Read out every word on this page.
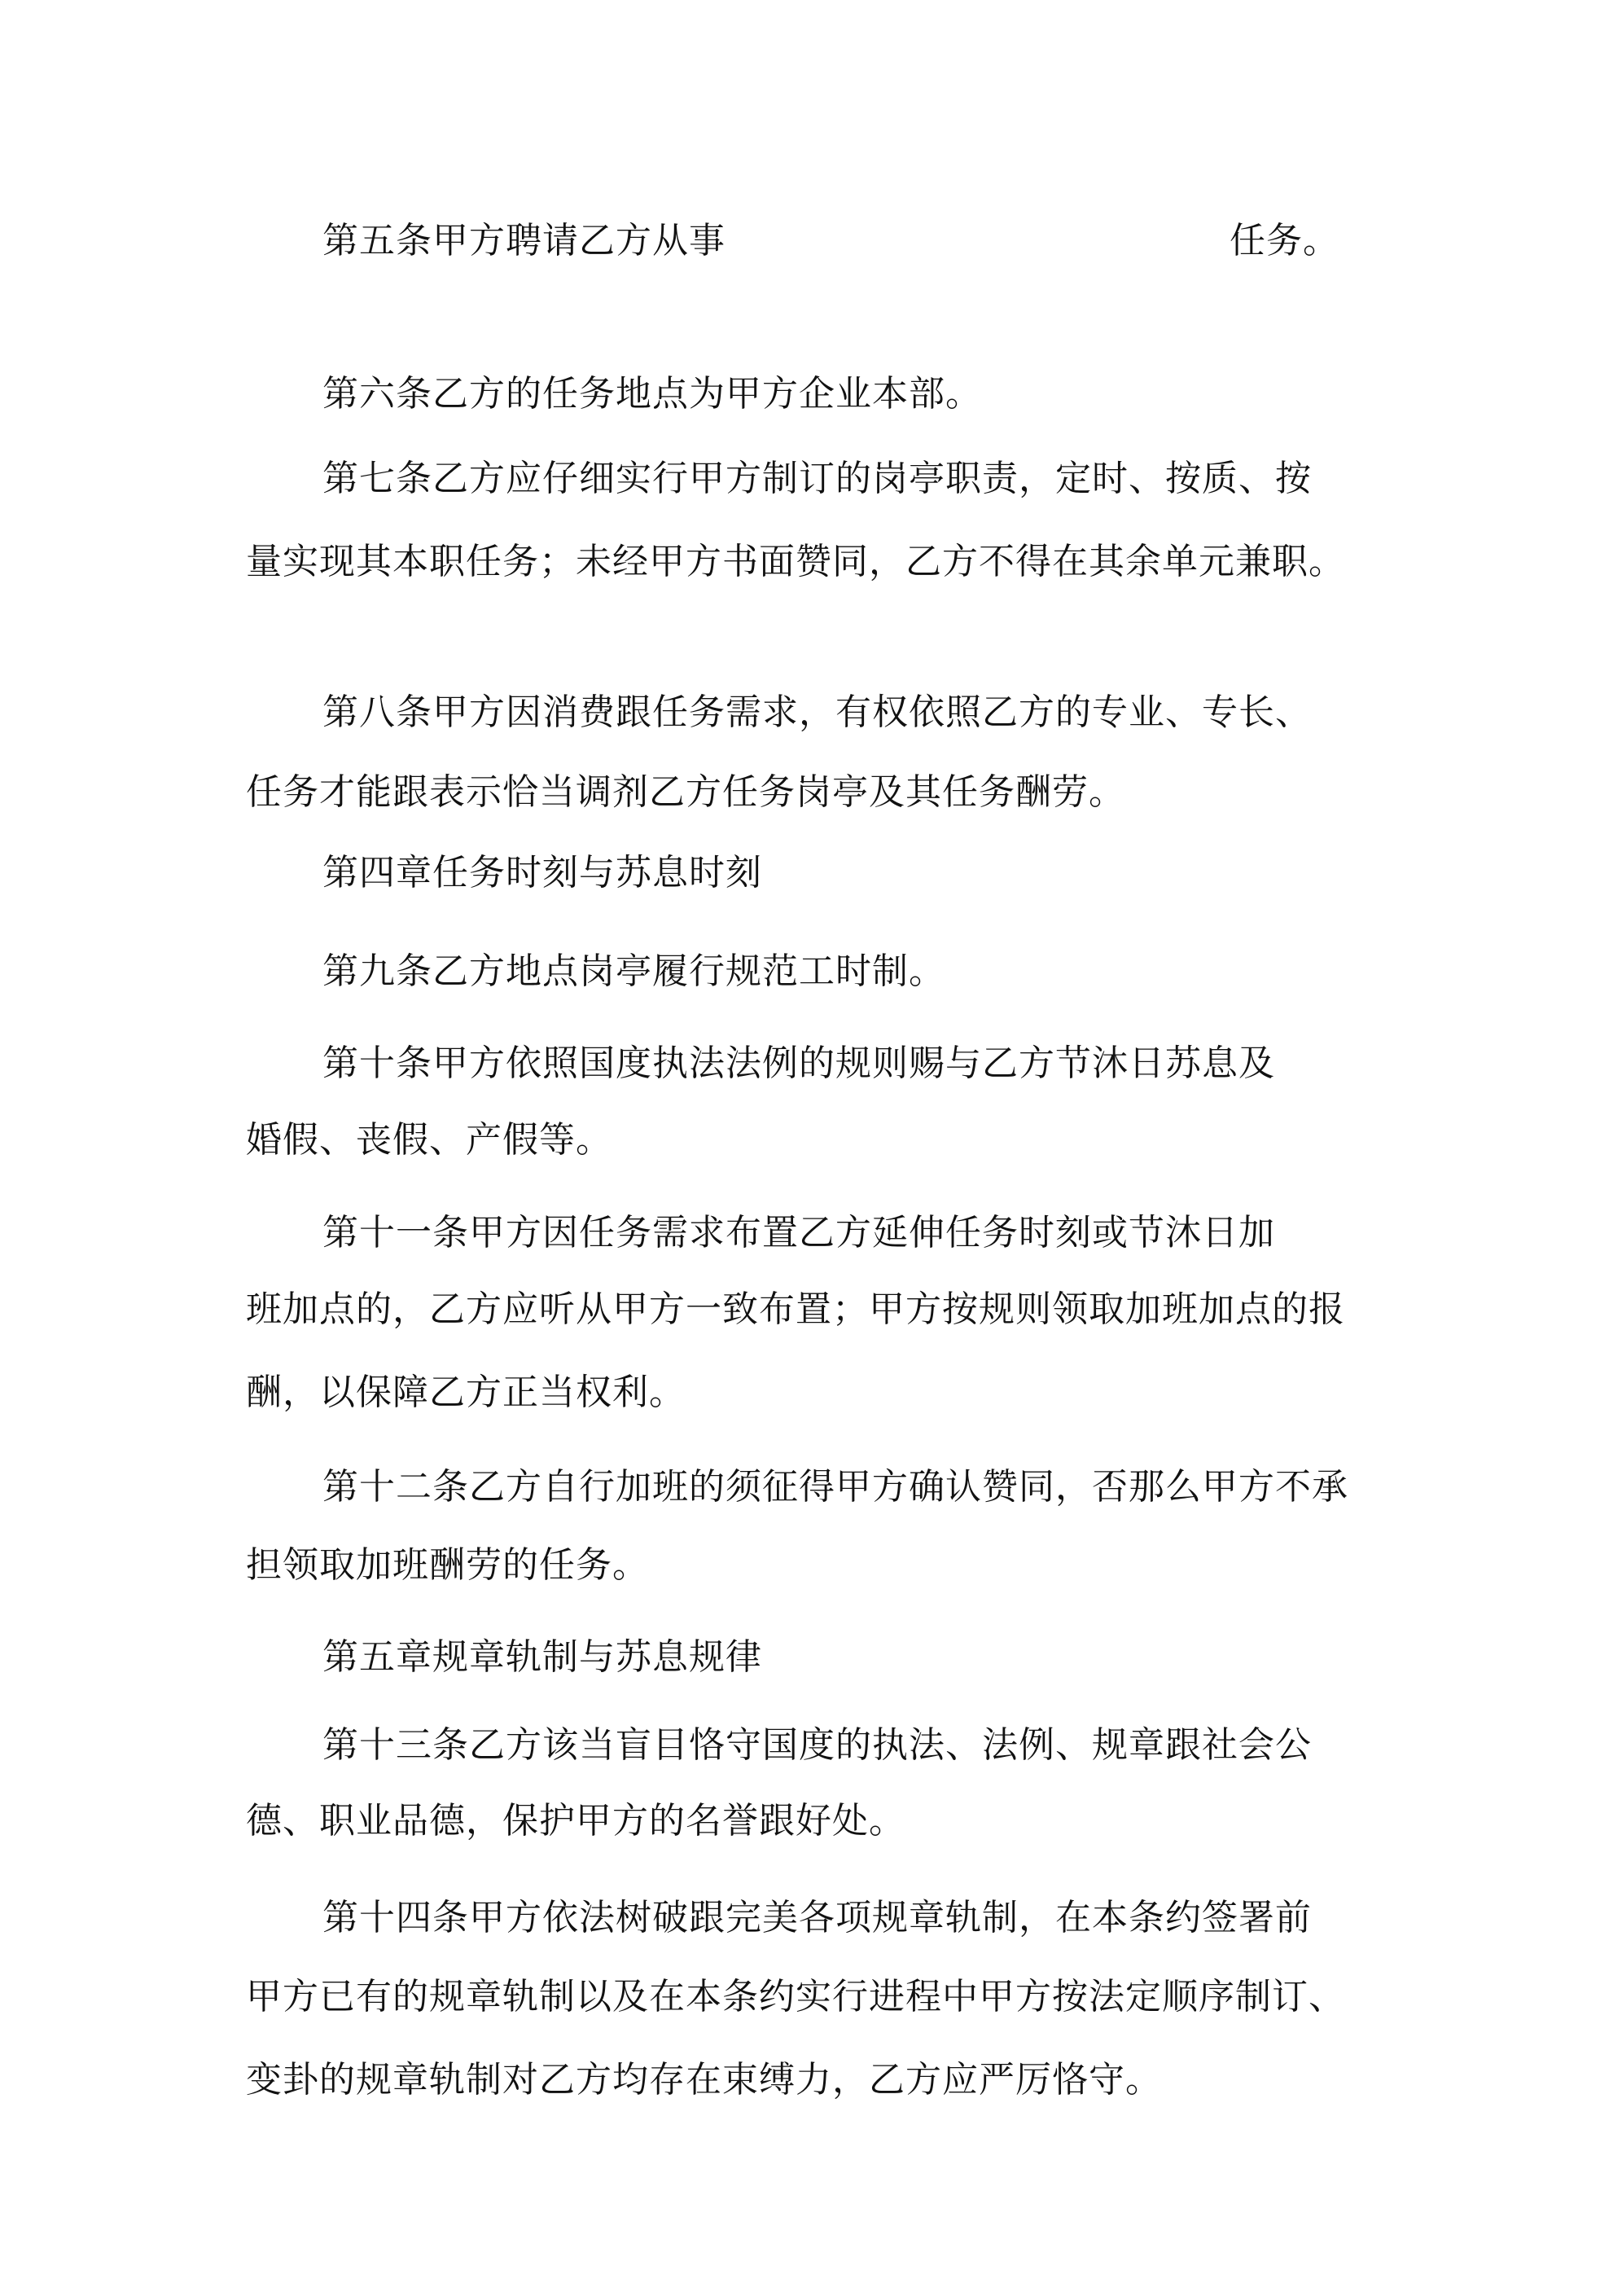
第五条甲方聘请乙方从事	任务。
第六条乙方的任务地点为甲方企业本部。
第七条乙方应仔细实行甲方制订的岗亭职责，定时、按质、按
量实现其本职任务；未经甲方书面赞同，乙方不得在其余单元兼职。
第八条甲方因消费跟任务需求，有权依照乙方的专业、专长、
任务才能跟表示恰当调剂乙方任务岗亭及其任务酬劳。
第四章任务时刻与苏息时刻
第九条乙方地点岗亭履行规范工时制。
第十条甲方依照国度执法法例的规则赐与乙方节沐日苏息及
婚假、丧假、产假等。
第十一条甲方因任务需求布置乙方延伸任务时刻或节沐日加
班加点的，乙方应听从甲方一致布置；甲方按规则领取加班加点的报
酬，以保障乙方正当权利。
第十二条乙方自行加班的须征得甲方确认赞同，否那么甲方不承
担领取加班酬劳的任务。
第五章规章轨制与苏息规律
第十三条乙方该当盲目恪守国度的执法、法例、规章跟社会公
德、职业品德，保护甲方的名誉跟好处。
第十四条甲方依法树破跟完美各项规章轨制，在本条约签署前
甲方已有的规章轨制以及在本条约实行进程中甲方按法定顺序制订、
变卦的规章轨制对乙方均存在束缚力，乙方应严厉恪守。
